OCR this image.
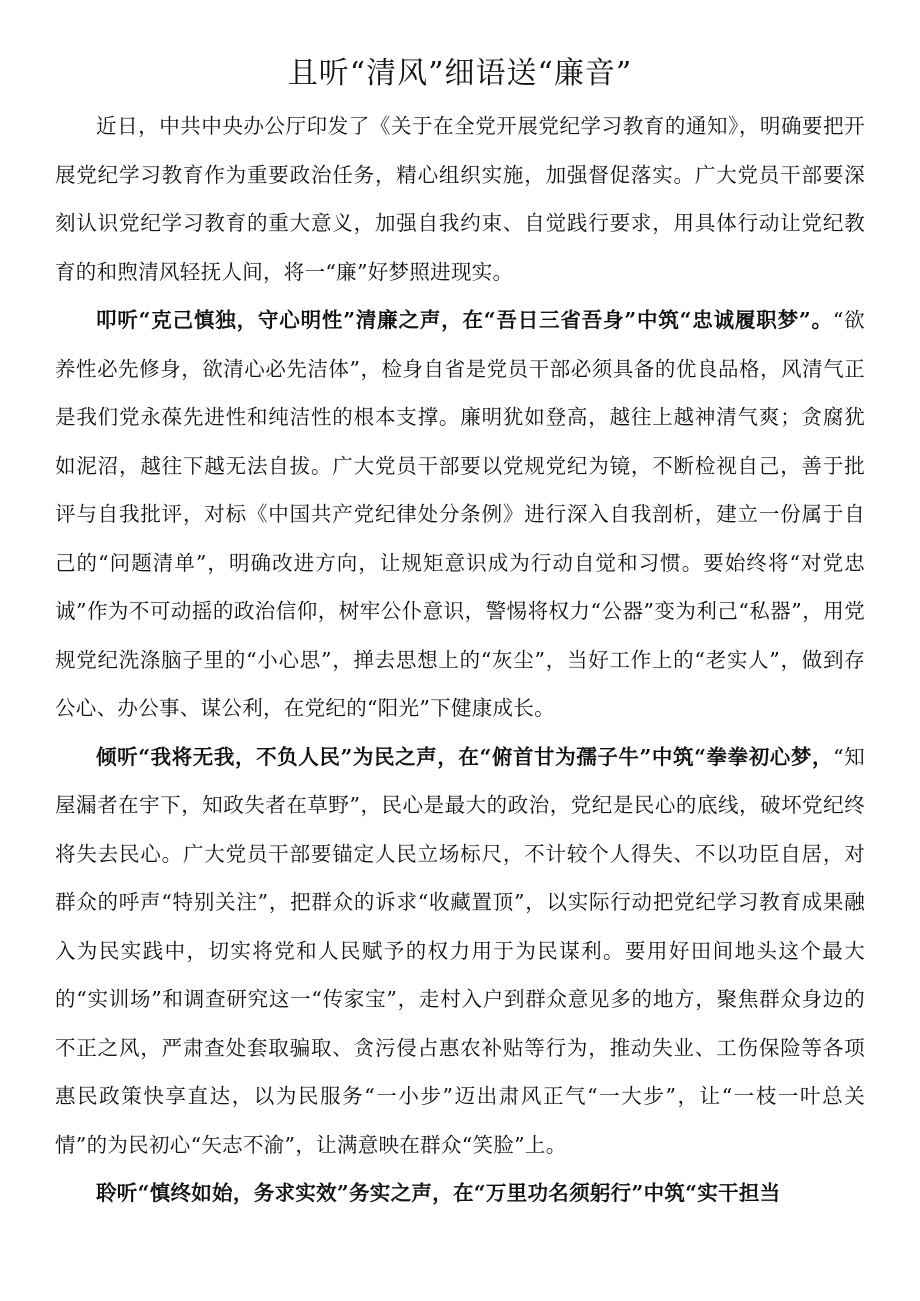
且听“清风”细语送“廉音”

近日，中共中央办公厅印发了《关于在全党开展党纪学习教育的通知》，明确要把开展党纪学习教育作为重要政治任务，精心组织实施，加强督促落实。广大党员干部要深刻认识党纪学习教育的重大意义，加强自我约束、自觉践行要求，用具体行动让党纪教育的和煦清风轻抚人间，将一“廉”好梦照进现实。

叩听“克己慎独，守心明性”清廉之声，在“吾日三省吾身”中筑“忠诚履职梦”。“欲养性必先修身，欲清心必先洁体”，检身自省是党员干部必须具备的优良品格，风清气正是我们党永葆先进性和纯洁性的根本支撑。廉明犹如登高，越往上越神清气爽；贪腐犹如泥沼，越往下越无法自拔。广大党员干部要以党规党纪为镜，不断检视自己，善于批评与自我批评，对标《中国共产党纪律处分条例》进行深入自我剖析，建立一份属于自己的“问题清单”，明确改进方向，让规矩意识成为行动自觉和习惯。要始终将“对党忠诚”作为不可动摇的政治信仰，树牢公仆意识，警惕将权力“公器”变为利己“私器”，用党规党纪洗涤脑子里的“小心思”，掸去思想上的“灰尘”，当好工作上的“老实人”，做到存公心、办公事、谋公利，在党纪的“阳光”下健康成长。

倾听“我将无我，不负人民”为民之声，在“俯首甘为孺子牛”中筑“拳拳初心梦，“知屋漏者在宇下，知政失者在草野”，民心是最大的政治，党纪是民心的底线，破坏党纪终将失去民心。广大党员干部要锚定人民立场标尺，不计较个人得失、不以功臣自居，对群众的呼声“特别关注”，把群众的诉求“收藏置顶”，以实际行动把党纪学习教育成果融入为民实践中，切实将党和人民赋予的权力用于为民谋利。要用好田间地头这个最大的“实训场”和调查研究这一“传家宝”，走村入户到群众意见多的地方，聚焦群众身边的不正之风，严肃查处套取骗取、贪污侵占惠农补贴等行为，推动失业、工伤保险等各项惠民政策快享直达，以为民服务“一小步”迈出肃风正气“一大步”，让“一枝一叶总关情”的为民初心“矢志不渝”，让满意映在群众“笑脸”上。

聆听“慎终如始，务求实效”务实之声，在“万里功名须躬行”中筑“实干担当
